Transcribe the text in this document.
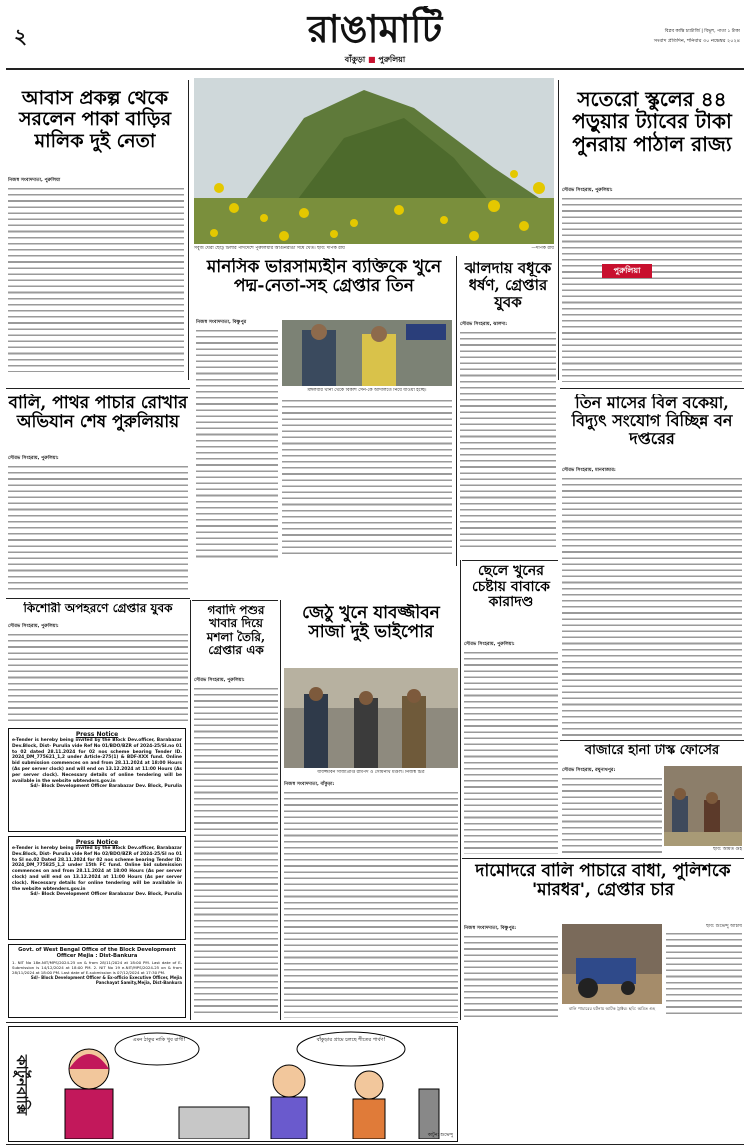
২	রাঙামাটি
বাঁকুড়া ■ পুরুলিয়া
বিপ্লব কান্তি চ্যাটার্জি | বিভূশ, পাতা ১ টাকা
সংবাদ প্রতিদিন, শনিবার ৩০ নভেম্বর ২০২৪
আবাস প্রকল্প থেকে সরলেন পাকা বাড়ির মালিক দুই নেতা
নিজস্ব সংবাদদাতা, পুরুলিয়া
সবুজ ঘেরা ছোট্ট টিলার পাদদেশে পুরুলিয়ার আগুনরাঙা সর্ষে খেত। ছবি: দীপক রায়	—দীপক রায়
সতেরো স্কুলের ৪৪ পড়ুয়ার ট্যাবের টাকা পুনরায় পাঠাল রাজ্য
সৌরভ সিংহরায়, পুরুলিয়া:
পুরুলিয়া
মানসিক ভারসাম্যহীন ব্যক্তিকে খুনে পদ্ম-নেতা-সহ গ্রেপ্তার তিন
নিজস্ব সংবাদদাতা, বিষ্ণুপুর
মঙ্গলবার থানা থেকে বিকাশ সেন-কে আদালতে নিয়ে যাওয়া হচ্ছে।
ঝালদায় বধূকে ধর্ষণ, গ্রেপ্তার যুবক
সৌরভ সিংহরায়, ঝালদা:
বালি, পাথর পাচার রোখার অভিযান শেষ পুরুলিয়ায়
সৌরভ সিংহরায়, পুরুলিয়া:
তিন মাসের বিল বকেয়া, বিদ্যুৎ সংযোগ বিচ্ছিন্ন বন দপ্তরের
সৌরভ সিংহরায়, মানবাজার:
কিশোরী অপহরণে গ্রেপ্তার যুবক
সৌরভ সিংহরায়, পুরুলিয়া:
Press Notice
e-Tender is hereby being invited by the Block Dev.officer, Barabazar Dev.Block, Dist- Purulia vide Ref No 01/BDO/BZR of 2024-25/SI.no 01 to 02 dated 28.11.2024 for 02 nos scheme bearing Tender ID. 2024_DM_775621_1,2 under Article-275(1) & BDF-XXX fund. Online bid submission commences on and from 28.11.2024 at 18:00 Hours (As per server clock) and will end on 13.12.2024 at 11:00 Hours (As per server clock). Necessary details of online tendering will be available in the website wbtenders.gov.in
Sd/- Block Development Officer Barabazar Dev. Block, Purulia
Press Notice
e-Tender is hereby being invited by the Block Dev.officer, Barabazar Dev.Block, Dist- Purulia vide Ref No 02/BDO/BZR of 2024-25/SI no 01 to SI no.02 Dated 28.11.2024 for 02 nos scheme bearing Tender ID: 2024_DM_775825_1,2 under 15th FC fund. Online bid submission commences on and from 28.11.2024 at 18:00 Hours (As per server clock) and will end on 13.12.2024 at 11:00 Hours (As per server clock). Necessary details for online tendering will be available in the website wbtenders.gov.in
Sd/- Block Development Officer Barabazar Dev. Block, Purulia
Govt. of West Bengal Office of the Block Development Officer Mejia : Dist-Bankura
1. NIT No 18e-NIT/MPS/2024-25 on & from 28/11/2024 at 18:00 PM. Last date of E-Submission is 14/12/2024 at 18:00 PM. 2. NIT No 19 e-NIT/MPS/2024-25 on & from 28/11/2024 at 18:00 PM. Last date of E-submission is 07/12/2024 at 17:30 PM.
Sd/- Block Development Officer & Ex-officio Executive Officer, Mejia Panchayat Samity,Mejia, Dist-Bankura
গবাদি পশুর খাবার দিয়ে মশলা তৈরি, গ্রেপ্তার এক
সৌরভ সিংহরায়, পুরুলিয়া:
জেঠু খুনে যাবজ্জীবন সাজা দুই ভাইপোর
যাবজ্জীবন সাজাপ্রাপ্ত রামপদ ও সোমনাথ মণ্ডল। নিজস্ব চিত্র
নিজস্ব সংবাদদাতা, বাঁকুড়া:
ছেলে খুনের চেষ্টায় বাবাকে কারাদণ্ড
সৌরভ সিংহরায়, পুরুলিয়া:
বাজারে হানা টাস্ক ফোর্সের
সৌরভ সিংহরায়, রঘুনাথপুর:
ছবি: অমিত গুহ
দামোদরে বালি পাচারে বাধা, পুলিশকে 'মারধর', গ্রেপ্তার চার
নিজস্ব সংবাদদাতা, বিষ্ণুপুর:
বালি পাচারের ঘটনায় আটক ট্রাক্টর। ছবি: অমিত গুহ
ছবি: শুভেন্দু আচার্য
কার্টুনবাক্সি
এমন ঠাকুর নাকি খুব রাগী!	বাঁকুড়ার গ্রামে চলছে শীতের পার্বণ!
কার্টুন: শুভেন্দু
